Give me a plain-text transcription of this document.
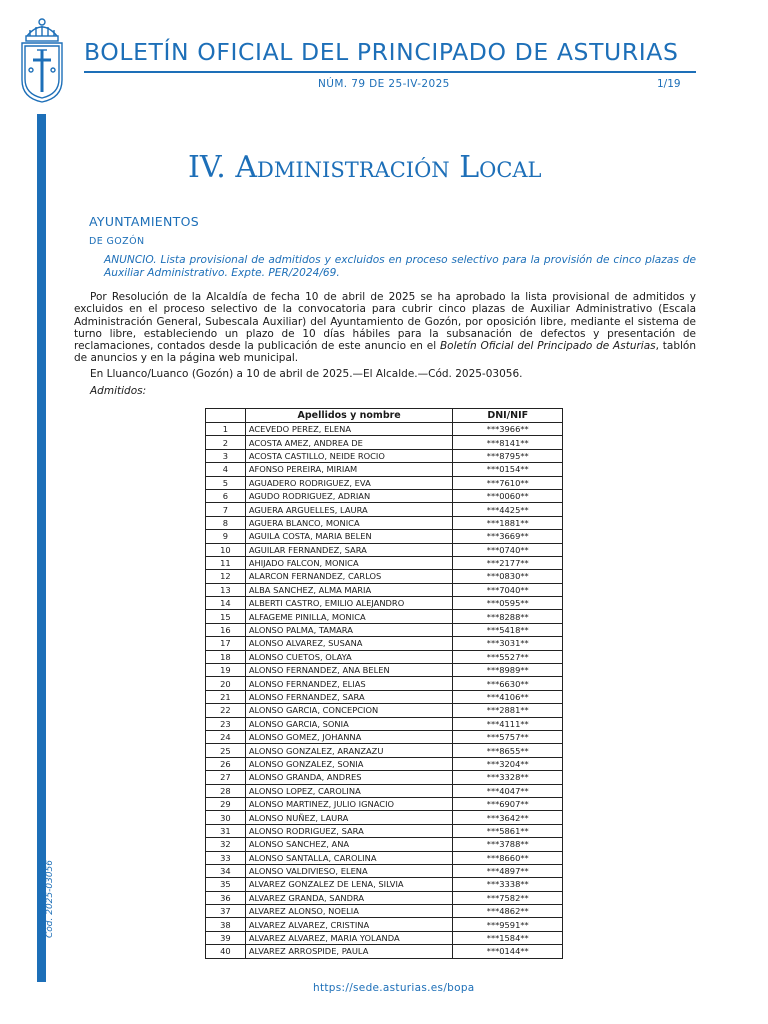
BOLETÍN OFICIAL DEL PRINCIPADO DE ASTURIAS
NÚM. 79 DE 25-IV-2025	1/19
Cód. 2025-03056
IV. Administración Local
AYUNTAMIENTOS
DE GOZÓN
ANUNCIO. Lista provisional de admitidos y excluidos en proceso selectivo para la provisión de cinco plazas de Auxiliar Administrativo. Expte. PER/2024/69.

Por Resolución de la Alcaldía de fecha 10 de abril de 2025 se ha aprobado la lista provisional de admitidos y excluidos en el proceso selectivo de la convocatoria para cubrir cinco plazas de Auxiliar Administrativo (Escala Administración General, Subescala Auxiliar) del Ayuntamiento de Gozón, por oposición libre, mediante el sistema de turno libre, estableciendo un plazo de 10 días hábiles para la subsanación de defectos y presentación de reclamaciones, contados desde la publicación de este anuncio en el Boletín Oficial del Principado de Asturias, tablón de anuncios y en la página web municipal.

En Lluanco/Luanco (Gozón) a 10 de abril de 2025.—El Alcalde.—Cód. 2025-03056.
Admitidos:
	Apellidos y nombre	DNI/NIF
1	ACEVEDO PEREZ, ELENA	***3966**
2	ACOSTA AMEZ, ANDREA DE	***8141**
3	ACOSTA CASTILLO, NEIDE ROCIO	***8795**
4	AFONSO PEREIRA, MIRIAM	***0154**
5	AGUADERO RODRIGUEZ, EVA	***7610**
6	AGUDO RODRIGUEZ, ADRIAN	***0060**
7	AGUERA ARGUELLES, LAURA	***4425**
8	AGUERA BLANCO, MONICA	***1881**
9	AGUILA COSTA, MARIA BELEN	***3669**
10	AGUILAR FERNANDEZ, SARA	***0740**
11	AHIJADO FALCON, MONICA	***2177**
12	ALARCON FERNANDEZ, CARLOS	***0830**
13	ALBA SANCHEZ, ALMA MARIA	***7040**
14	ALBERTI CASTRO, EMILIO ALEJANDRO	***0595**
15	ALFAGEME PINILLA, MONICA	***8288**
16	ALONSO PALMA, TAMARA	***5418**
17	ALONSO ALVAREZ, SUSANA	***3031**
18	ALONSO CUETOS, OLAYA	***5527**
19	ALONSO FERNANDEZ, ANA BELEN	***8989**
20	ALONSO FERNANDEZ, ELIAS	***6630**
21	ALONSO FERNANDEZ, SARA	***4106**
22	ALONSO GARCIA, CONCEPCION	***2881**
23	ALONSO GARCIA, SONIA	***4111**
24	ALONSO GOMEZ, JOHANNA	***5757**
25	ALONSO GONZALEZ, ARANZAZU	***8655**
26	ALONSO GONZALEZ, SONIA	***3204**
27	ALONSO GRANDA, ANDRES	***3328**
28	ALONSO LOPEZ, CAROLINA	***4047**
29	ALONSO MARTINEZ, JULIO IGNACIO	***6907**
30	ALONSO NUÑEZ, LAURA	***3642**
31	ALONSO RODRIGUEZ, SARA	***5861**
32	ALONSO SANCHEZ, ANA	***3788**
33	ALONSO SANTALLA, CAROLINA	***8660**
34	ALONSO VALDIVIESO, ELENA	***4897**
35	ALVAREZ GONZALEZ DE LENA, SILVIA	***3338**
36	ALVAREZ GRANDA, SANDRA	***7582**
37	ALVAREZ ALONSO, NOELIA	***4862**
38	ALVAREZ ALVAREZ, CRISTINA	***9591**
39	ALVAREZ ALVAREZ, MARIA YOLANDA	***1584**
40	ALVAREZ ARROSPIDE, PAULA	***0144**
https://sede.asturias.es/bopa
